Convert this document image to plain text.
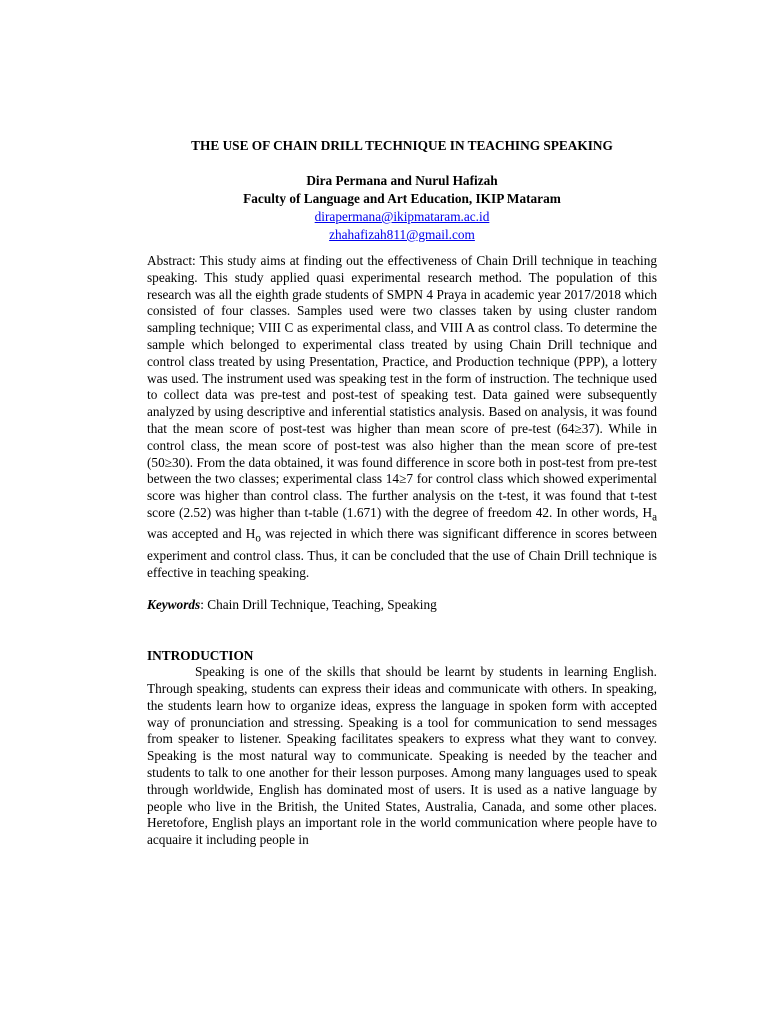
THE USE OF CHAIN DRILL TECHNIQUE IN TEACHING SPEAKING

Dira Permana and Nurul Hafizah
Faculty of Language and Art Education, IKIP Mataram
dirapermana@ikipmataram.ac.id
zhahafizah811@gmail.com
Abstract: This study aims at finding out the effectiveness of Chain Drill technique in teaching speaking. This study applied quasi experimental research method. The population of this research was all the eighth grade students of SMPN 4 Praya in academic year 2017/2018 which consisted of four classes. Samples used were two classes taken by using cluster random sampling technique; VIII C as experimental class, and VIII A as control class. To determine the sample which belonged to experimental class treated by using Chain Drill technique and control class treated by using Presentation, Practice, and Production technique (PPP), a lottery was used. The instrument used was speaking test in the form of instruction. The technique used to collect data was pre-test and post-test of speaking test. Data gained were subsequently analyzed by using descriptive and inferential statistics analysis. Based on analysis, it was found that the mean score of post-test was higher than mean score of pre-test (64≥37). While in control class, the mean score of post-test was also higher than the mean score of pre-test (50≥30). From the data obtained, it was found difference in score both in post-test from pre-test between the two classes; experimental class 14≥7 for control class which showed experimental score was higher than control class. The further analysis on the t-test, it was found that t-test score (2.52) was higher than t-table (1.671) with the degree of freedom 42. In other words, $H_a$ was accepted and $H_o$ was rejected in which there was significant difference in scores between experiment and control class. Thus, it can be concluded that the use of Chain Drill technique is effective in teaching speaking.
Keywords: Chain Drill Technique, Teaching, Speaking
INTRODUCTION
Speaking is one of the skills that should be learnt by students in learning English. Through speaking, students can express their ideas and communicate with others. In speaking, the students learn how to organize ideas, express the language in spoken form with accepted way of pronunciation and stressing. Speaking is a tool for communication to send messages from speaker to listener. Speaking facilitates speakers to express what they want to convey. Speaking is the most natural way to communicate. Speaking is needed by the teacher and students to talk to one another for their lesson purposes. Among many languages used to speak through worldwide, English has dominated most of users. It is used as a native language by people who live in the British, the United States, Australia, Canada, and some other places. Heretofore, English plays an important role in the world communication where people have to acquaire it including people in
